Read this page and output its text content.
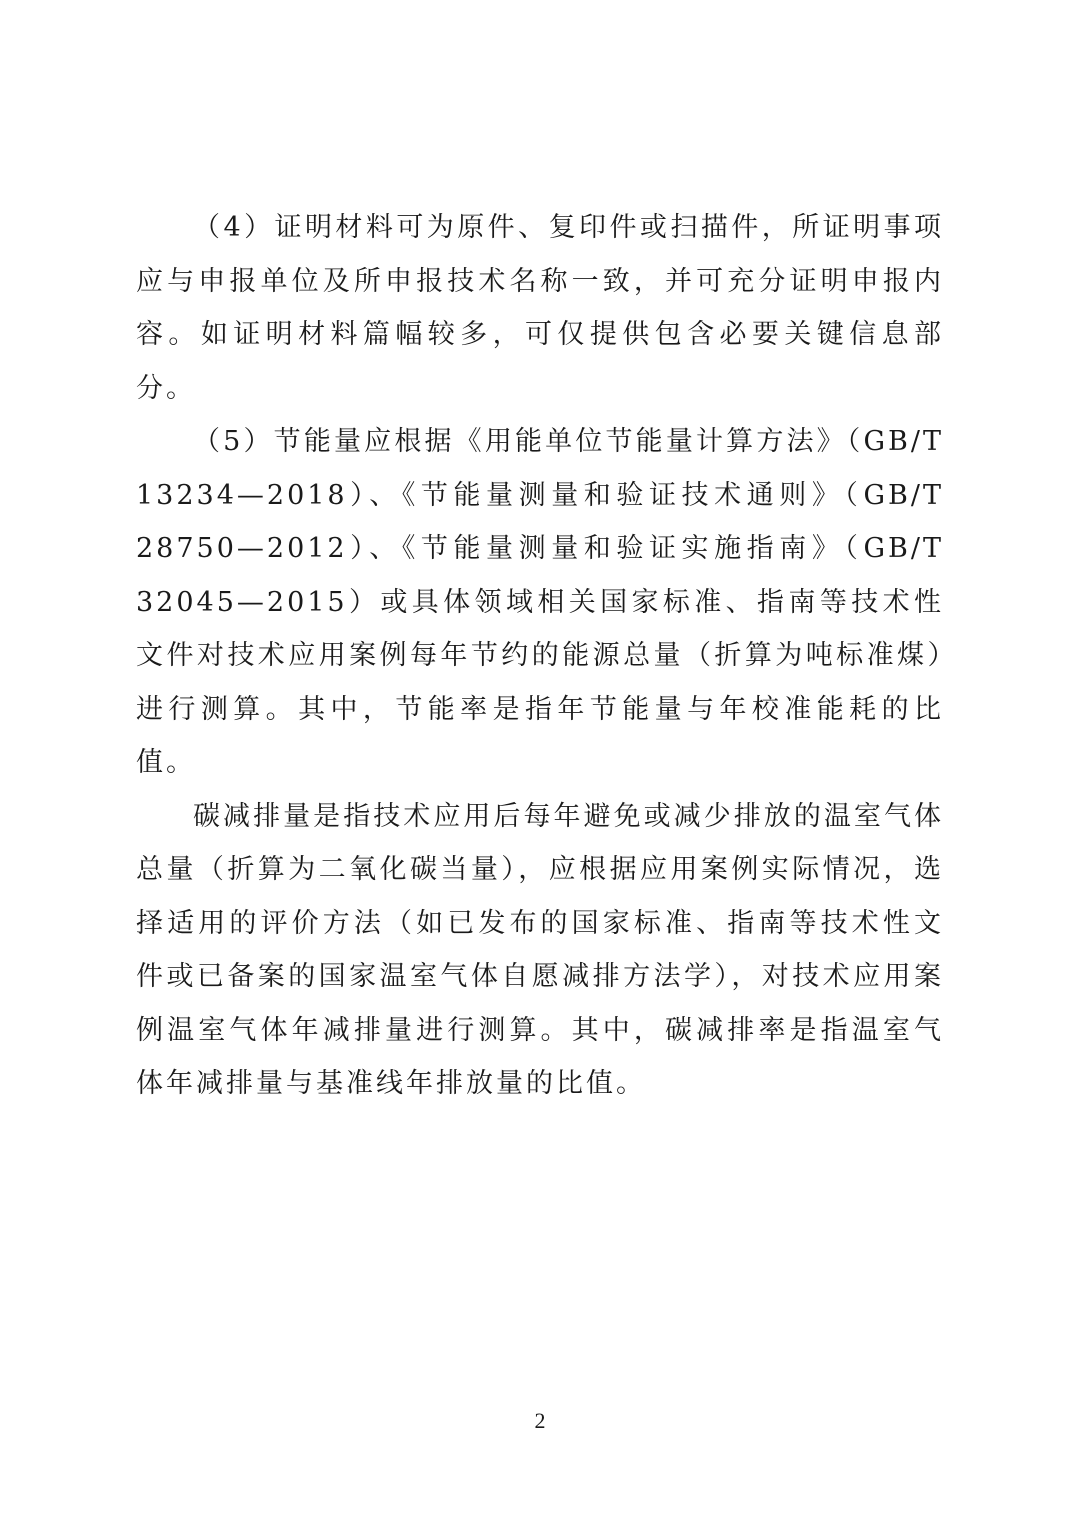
（4）证明材料可为原件、复印件或扫描件，所证明事项应与申报单位及所申报技术名称一致，并可充分证明申报内容。如证明材料篇幅较多，可仅提供包含必要关键信息部分。

（5）节能量应根据《用能单位节能量计算方法》（GB/T 13234—2018）、《节能量测量和验证技术通则》（GB/T 28750—2012）、《节能量测量和验证实施指南》（GB/T 32045—2015）或具体领域相关国家标准、指南等技术性文件对技术应用案例每年节约的能源总量（折算为吨标准煤）进行测算。其中，节能率是指年节能量与年校准能耗的比值。

碳减排量是指技术应用后每年避免或减少排放的温室气体总量（折算为二氧化碳当量），应根据应用案例实际情况，选择适用的评价方法（如已发布的国家标准、指南等技术性文件或已备案的国家温室气体自愿减排方法学），对技术应用案例温室气体年减排量进行测算。其中，碳减排率是指温室气体年减排量与基准线年排放量的比值。

2
